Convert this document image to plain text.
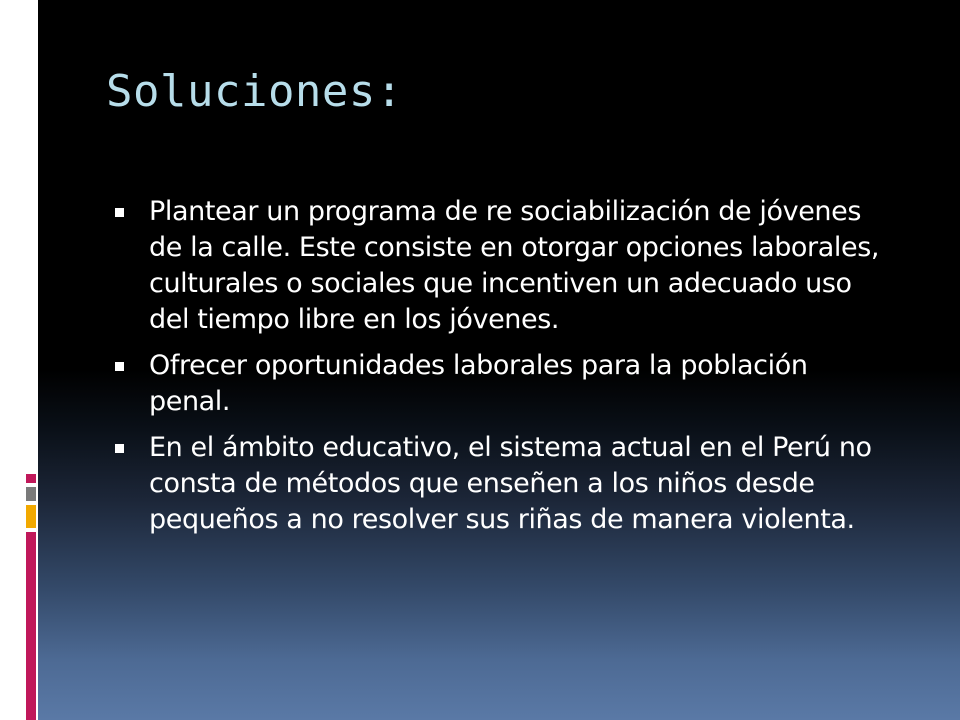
Soluciones:
Plantear un programa de re sociabilización de jóvenes de la calle. Este consiste en otorgar opciones laborales, culturales o sociales que incentiven un adecuado uso del tiempo libre en los jóvenes.
Ofrecer oportunidades laborales para la población penal.
En el ámbito educativo, el sistema actual en el Perú no consta de métodos que enseñen a los niños desde pequeños a no resolver sus riñas de manera violenta.
